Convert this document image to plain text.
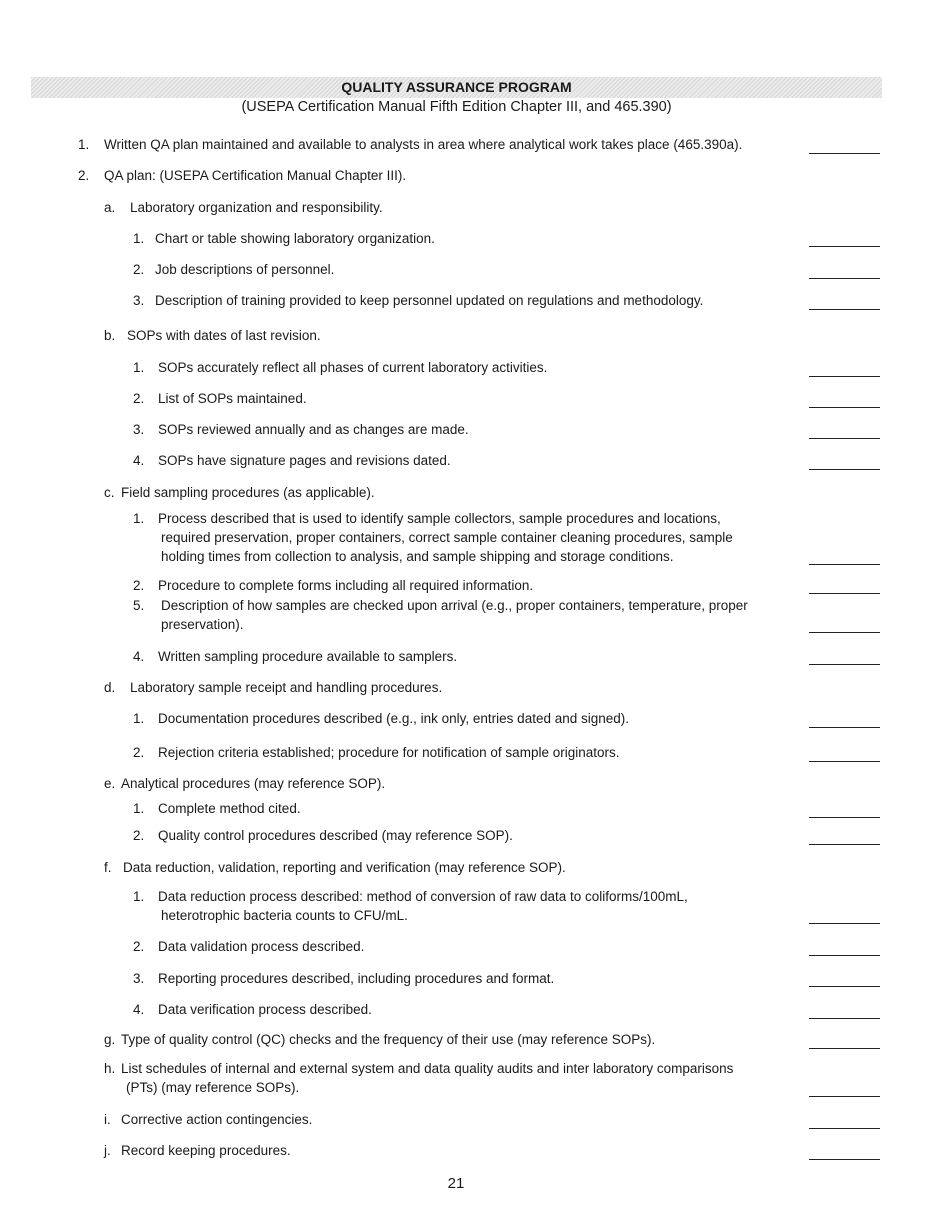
QUALITY ASSURANCE PROGRAM
(USEPA Certification Manual Fifth Edition Chapter III, and 465.390)
1. Written QA plan maintained and available to analysts in area where analytical work takes place (465.390a).
2. QA plan: (USEPA Certification Manual Chapter III).
a. Laboratory organization and responsibility.
1. Chart or table showing laboratory organization.
2. Job descriptions of personnel.
3. Description of training provided to keep personnel updated on regulations and methodology.
b. SOPs with dates of last revision.
1. SOPs accurately reflect all phases of current laboratory activities.
2. List of SOPs maintained.
3. SOPs reviewed annually and as changes are made.
4. SOPs have signature pages and revisions dated.
c. Field sampling procedures (as applicable).
1. Process described that is used to identify sample collectors, sample procedures and locations,
required preservation, proper containers, correct sample container cleaning procedures, sample
holding times from collection to analysis, and sample shipping and storage conditions.
2. Procedure to complete forms including all required information.
5. Description of how samples are checked upon arrival (e.g., proper containers, temperature, proper
preservation).
4. Written sampling procedure available to samplers.
d. Laboratory sample receipt and handling procedures.
1. Documentation procedures described (e.g., ink only, entries dated and signed).
2. Rejection criteria established; procedure for notification of sample originators.
e. Analytical procedures (may reference SOP).
1. Complete method cited.
2. Quality control procedures described (may reference SOP).
f. Data reduction, validation, reporting and verification (may reference SOP).
1. Data reduction process described: method of conversion of raw data to coliforms/100mL,
heterotrophic bacteria counts to CFU/mL.
2. Data validation process described.
3. Reporting procedures described, including procedures and format.
4. Data verification process described.
g. Type of quality control (QC) checks and the frequency of their use (may reference SOPs).
h. List schedules of internal and external system and data quality audits and inter laboratory comparisons
(PTs) (may reference SOPs).
i. Corrective action contingencies.
j. Record keeping procedures.
21
